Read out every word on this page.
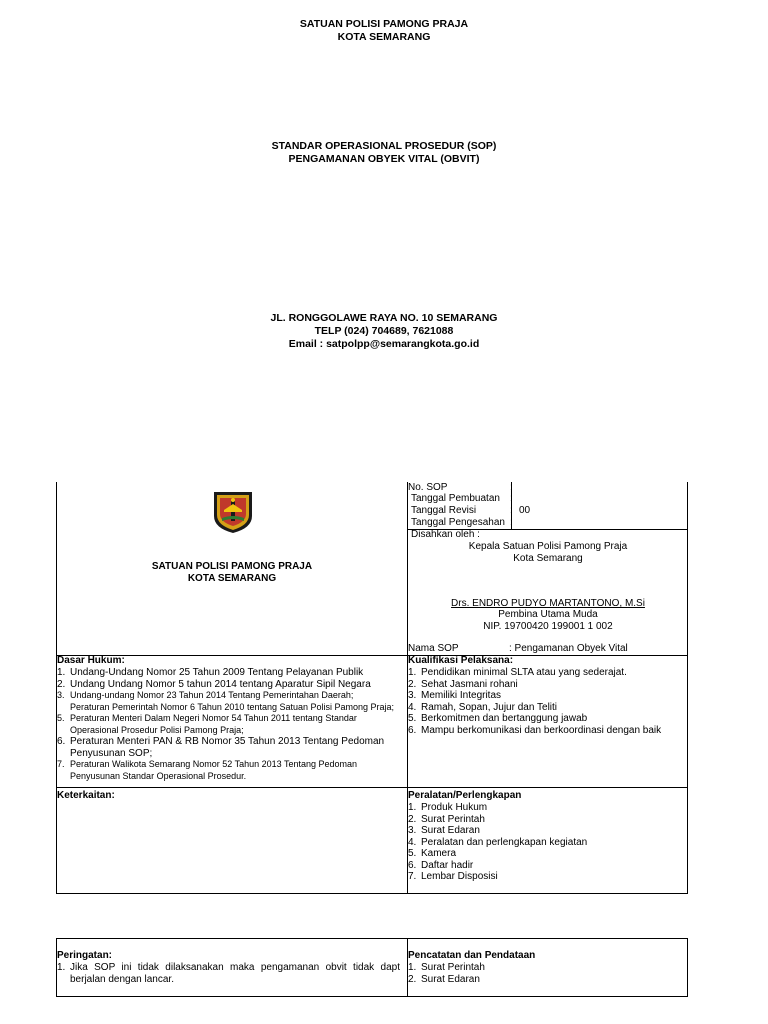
SATUAN POLISI PAMONG PRAJA
KOTA SEMARANG
STANDAR OPERASIONAL PROSEDUR (SOP)
PENGAMANAN OBYEK VITAL (OBVIT)
JL. RONGGOLAWE RAYA NO. 10 SEMARANG
TELP (024) 704689, 7621088
Email : satpolpp@semarangkota.go.id
SATUAN POLISI PAMONG PRAJA
KOTA SEMARANG
No. SOP
Tanggal Pembuatan
Tanggal Revisi
Tanggal Pengesahan
:
:
:
:
00
Disahkan oleh :
Kepala Satuan Polisi Pamong Praja
Kota Semarang
Drs. ENDRO PUDYO MARTANTONO, M.Si
Pembina Utama Muda
NIP. 19700420 199001 1 002
Nama SOP	: Pengamanan Obyek Vital
Dasar Hukum:
1. Undang-Undang Nomor 25 Tahun 2009 Tentang Pelayanan Publik
2. Undang Undang Nomor 5 tahun 2014 tentang Aparatur Sipil Negara
3. Undang-undang Nomor 23 Tahun 2014 Tentang Pemerintahan Daerah;
Peraturan Pemerintah Nomor 6 Tahun 2010 tentang Satuan Polisi Pamong Praja;
5. Peraturan Menteri Dalam Negeri Nomor 54 Tahun 2011 tentang Standar Operasional Prosedur Polisi Pamong Praja;
6. Peraturan Menteri PAN & RB Nomor 35 Tahun 2013 Tentang Pedoman Penyusunan SOP;
7. Peraturan Walikota Semarang Nomor 52 Tahun 2013 Tentang Pedoman Penyusunan Standar Operasional Prosedur.
Kualifikasi Pelaksana:
1. Pendidikan minimal SLTA atau yang sederajat.
2. Sehat Jasmani rohani
3. Memiliki Integritas
4. Ramah, Sopan, Jujur dan Teliti
5. Berkomitmen dan bertanggung jawab
6. Mampu berkomunikasi dan berkoordinasi dengan baik
Keterkaitan:	Peralatan/Perlengkapan
1. Produk Hukum
2. Surat Perintah
3. Surat Edaran
4. Peralatan dan perlengkapan kegiatan
5. Kamera
6. Daftar hadir
7. Lembar Disposisi
Peringatan:
1. Jika SOP ini tidak dilaksanakan maka pengamanan obvit tidak dapt berjalan dengan lancar.
Pencatatan dan Pendataan
1. Surat Perintah
2. Surat Edaran
